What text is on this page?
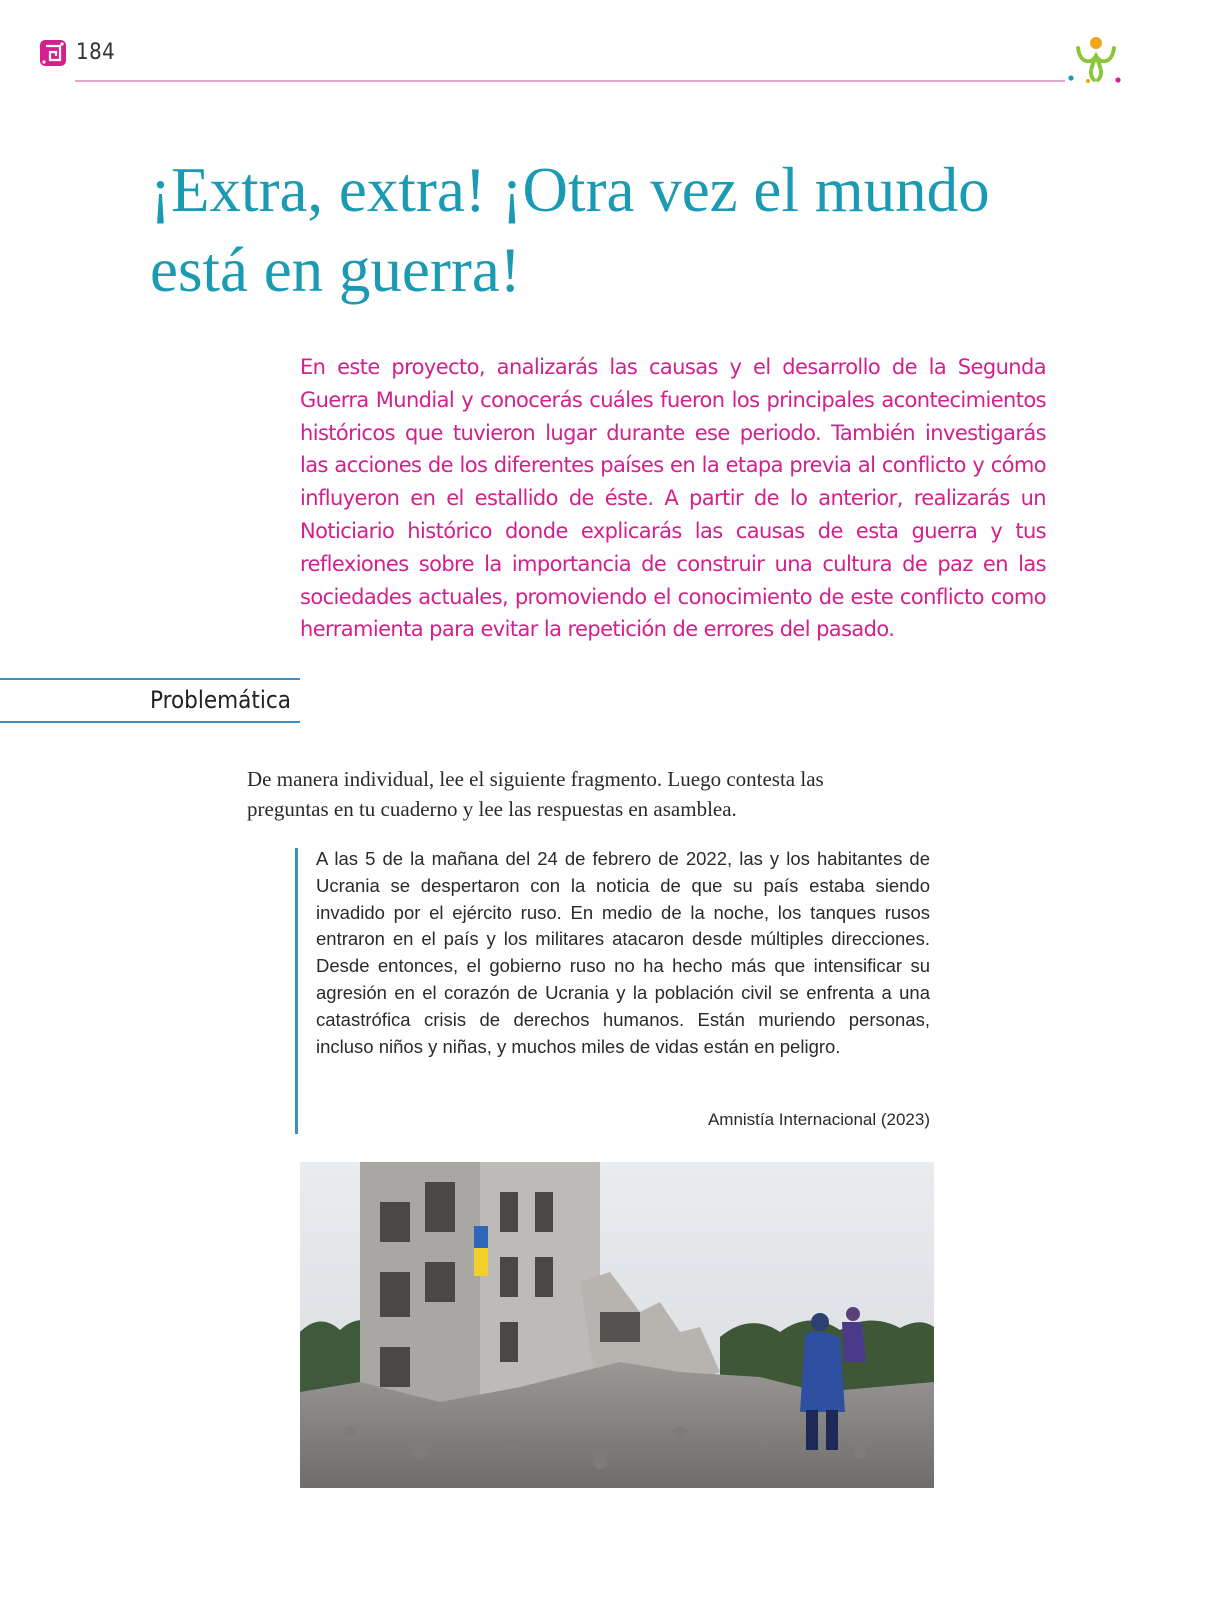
184
¡Extra, extra! ¡Otra vez el mundo
está en guerra!

En este proyecto, analizarás las causas y el desarrollo de la Segunda Guerra Mundial y conocerás cuáles fueron los principales acontecimientos históricos que tuvieron lugar durante ese periodo. También investigarás las acciones de los diferentes países en la etapa previa al conflicto y cómo influyeron en el estallido de éste. A partir de lo anterior, realizarás un Noticiario histórico donde explicarás las causas de esta guerra y tus reflexiones sobre la importancia de construir una cultura de paz en las sociedades actuales, promoviendo el conocimiento de este conflicto como herramienta para evitar la repetición de errores del pasado.

Problemática

De manera individual, lee el siguiente fragmento. Luego contesta las preguntas en tu cuaderno y lee las respuestas en asamblea.

A las 5 de la mañana del 24 de febrero de 2022, las y los habitantes de Ucrania se despertaron con la noticia de que su país estaba siendo invadido por el ejército ruso. En medio de la noche, los tanques rusos entraron en el país y los militares atacaron desde múltiples direcciones. Desde entonces, el gobierno ruso no ha hecho más que intensificar su agresión en el corazón de Ucrania y la población civil se enfrenta a una catastrófica crisis de derechos humanos. Están muriendo personas, incluso niños y niñas, y muchos miles de vidas están en peligro.

Amnistía Internacional (2023)
